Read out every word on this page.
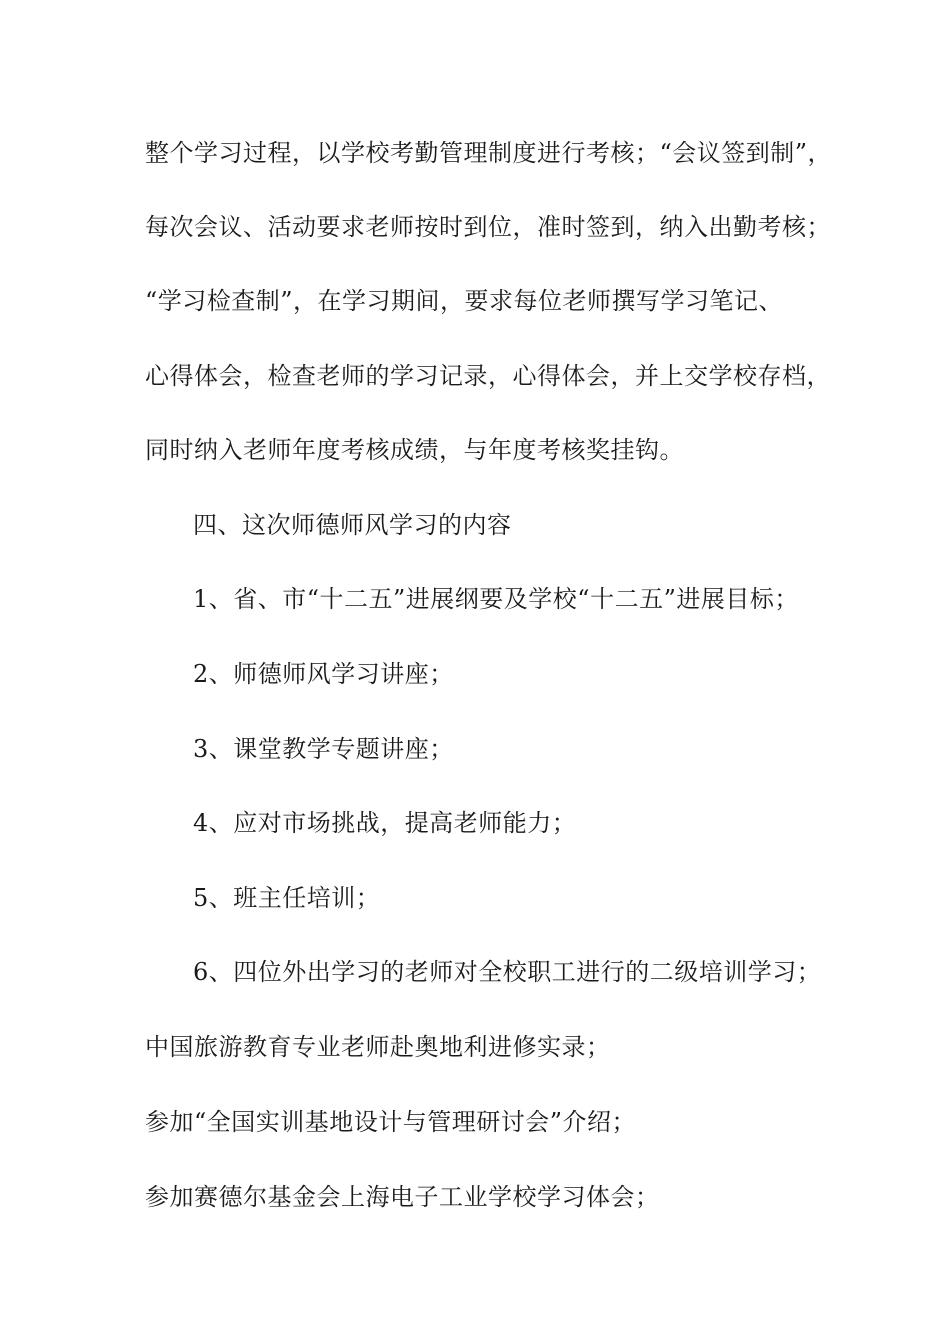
整个学习过程，以学校考勤管理制度进行考核；“会议签到制”，
每次会议、活动要求老师按时到位，准时签到，纳入出勤考核；
“学习检查制”，在学习期间，要求每位老师撰写学习笔记、
心得体会，检查老师的学习记录，心得体会，并上交学校存档，
同时纳入老师年度考核成绩，与年度考核奖挂钩。
四、这次师德师风学习的内容
1、省、市“十二五”进展纲要及学校“十二五”进展目标；
2、师德师风学习讲座；
3、课堂教学专题讲座；
4、应对市场挑战，提高老师能力；
5、班主任培训；
6、四位外出学习的老师对全校职工进行的二级培训学习；
中国旅游教育专业老师赴奥地利进修实录；
参加“全国实训基地设计与管理研讨会”介绍；
参加赛德尔基金会上海电子工业学校学习体会；
